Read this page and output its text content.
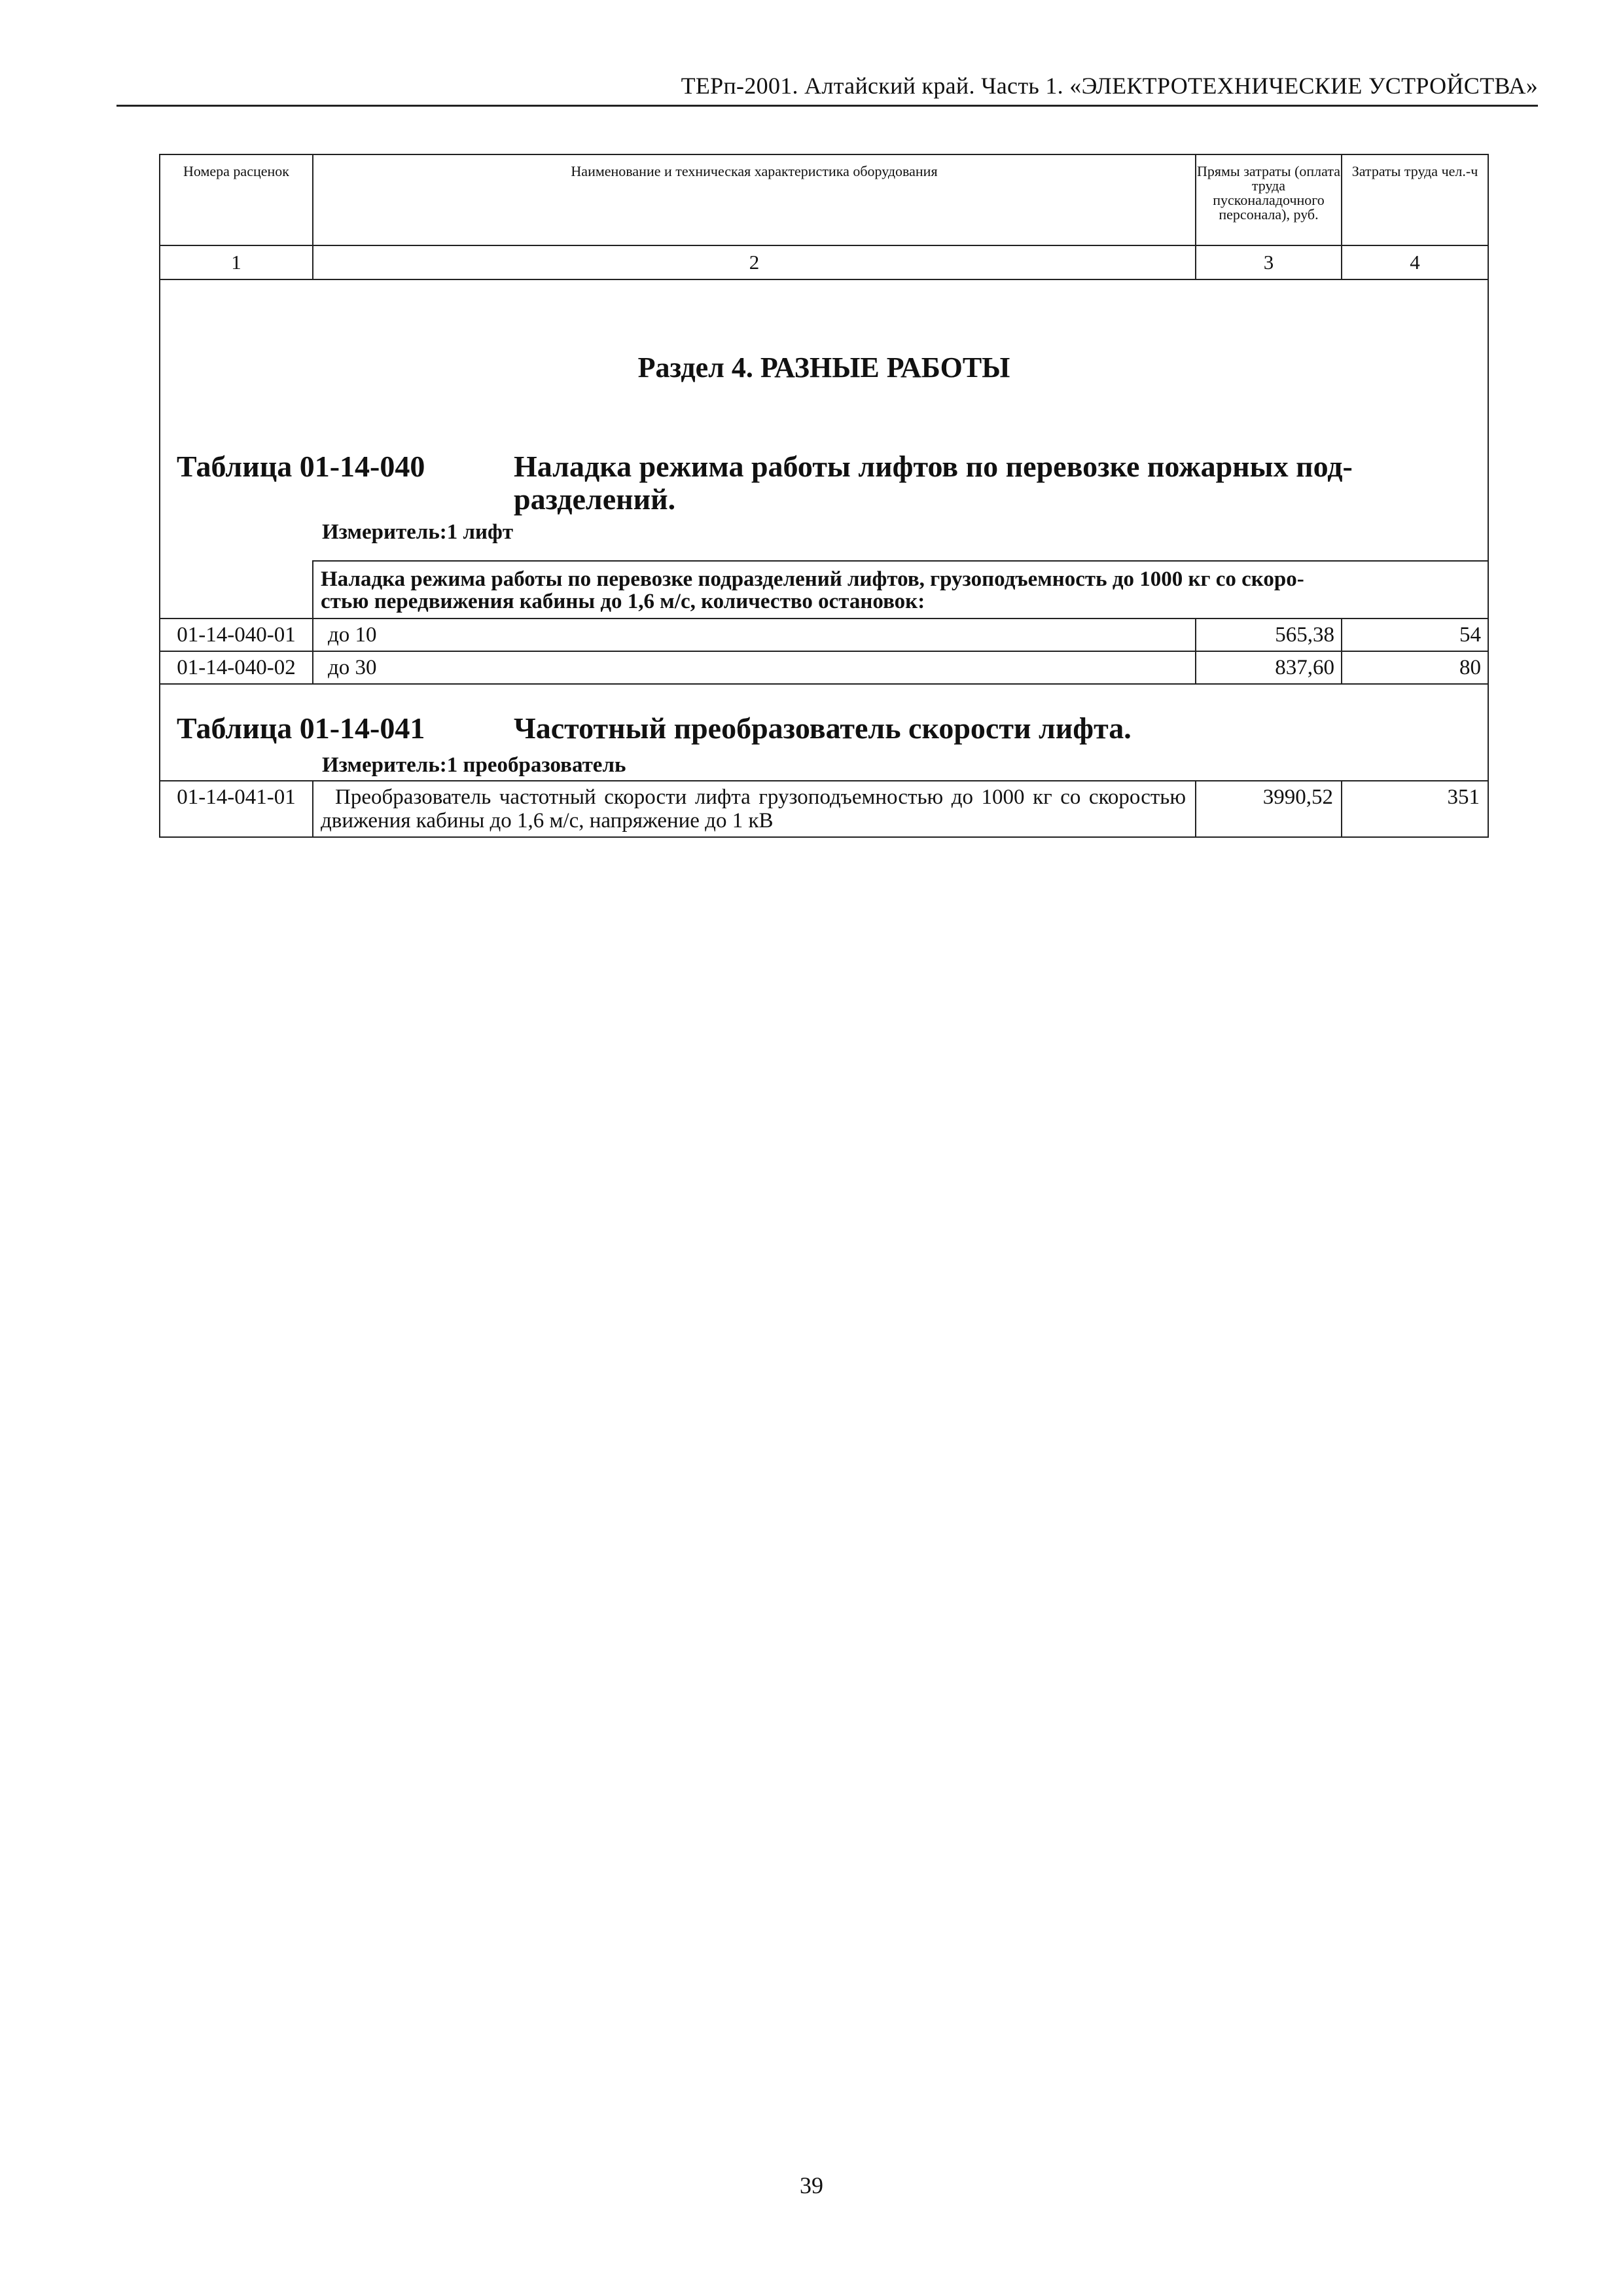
ТЕРп-2001. Алтайский край. Часть 1. «ЭЛЕКТРОТЕХНИЧЕСКИЕ УСТРОЙСТВА»
Номера расценок	Наименование и техническая характеристика оборудования	Прямы затраты (оплата труда пусконаладочного персонала), руб.	Затраты труда чел.-ч
1	2	3	4

Раздел 4. РАЗНЫЕ РАБОТЫ
Таблица 01-14-040 Наладка режима работы лифтов по перевозке пожарных под-
разделений.
Измеритель:1 лифт			

	Наладка режима работы по перевозке подразделений лифтов, грузоподъемность до 1000 кг со скоро-
стью передвижения кабины до 1,6 м/с, количество остановок:		
01-14-040-01	до 10	565,38	54
01-14-040-02	до 30	837,60	80

Таблица 01-14-041 Частотный преобразователь скорости лифта.
Измеритель:1 преобразователь			

01-14-041-01	Преобразователь частотный скорости лифта грузоподъемностью до 1000 кг со скоростью движения кабины до 1,6 м/с, напряжение до 1 кВ	3990,52	351
39
